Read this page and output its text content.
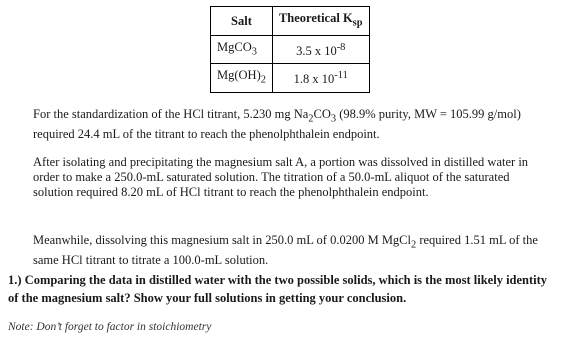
Salt	Theoretical $K_{sp}$
MgCO$_3$	3.5 x $10^{-8}$
$Mg(OH)_2$	1.8 x $10^{-11}$

For the standardization of the HCl titrant, 5.230 mg $Na_2CO_3$ (98.9% purity, MW = 105.99 g/mol) required 24.4 mL of the titrant to reach the phenolphthalein endpoint.

After isolating and precipitating the magnesium salt A, a portion was dissolved in distilled water in order to make a 250.0-mL saturated solution. The titration of a 50.0-mL aliquot of the saturated solution required 8.20 mL of HCl titrant to reach the phenolphthalein endpoint.

Meanwhile, dissolving this magnesium salt in 250.0 mL of 0.0200 M MgCl$_2$ required 1.51 mL of the same HCl titrant to titrate a 100.0-mL solution.

1.) Comparing the data in distilled water with the two possible solids, which is the most likely identity of the magnesium salt? Show your full solutions in getting your conclusion.

Note: Don’t forget to factor in stoichiometry
